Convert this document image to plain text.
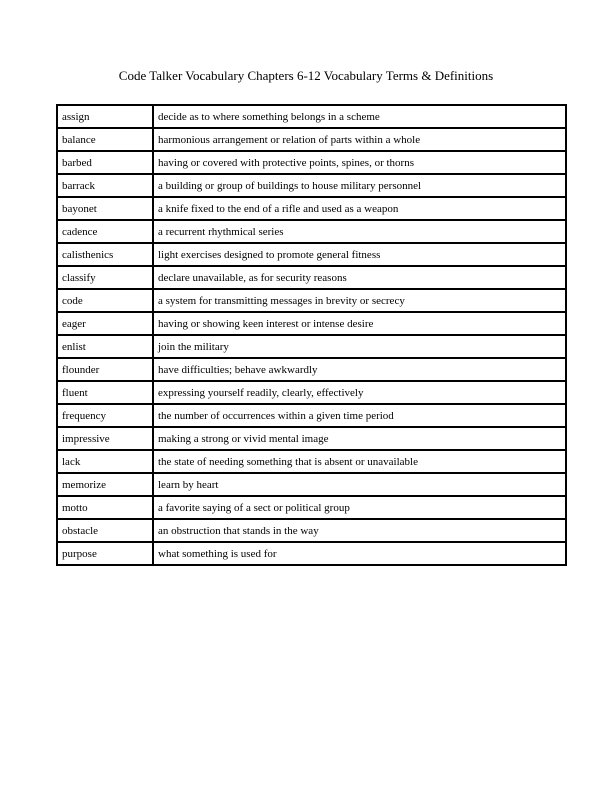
Code Talker Vocabulary Chapters 6-12 Vocabulary Terms & Definitions
assign	decide as to where something belongs in a scheme
balance	harmonious arrangement or relation of parts within a whole
barbed	having or covered with protective points, spines, or thorns
barrack	a building or group of buildings to house military personnel
bayonet	a knife fixed to the end of a rifle and used as a weapon
cadence	a recurrent rhythmical series
calisthenics	light exercises designed to promote general fitness
classify	declare unavailable, as for security reasons
code	a system for transmitting messages in brevity or secrecy
eager	having or showing keen interest or intense desire
enlist	join the military
flounder	have difficulties; behave awkwardly
fluent	expressing yourself readily, clearly, effectively
frequency	the number of occurrences within a given time period
impressive	making a strong or vivid mental image
lack	the state of needing something that is absent or unavailable
memorize	learn by heart
motto	a favorite saying of a sect or political group
obstacle	an obstruction that stands in the way
purpose	what something is used for
